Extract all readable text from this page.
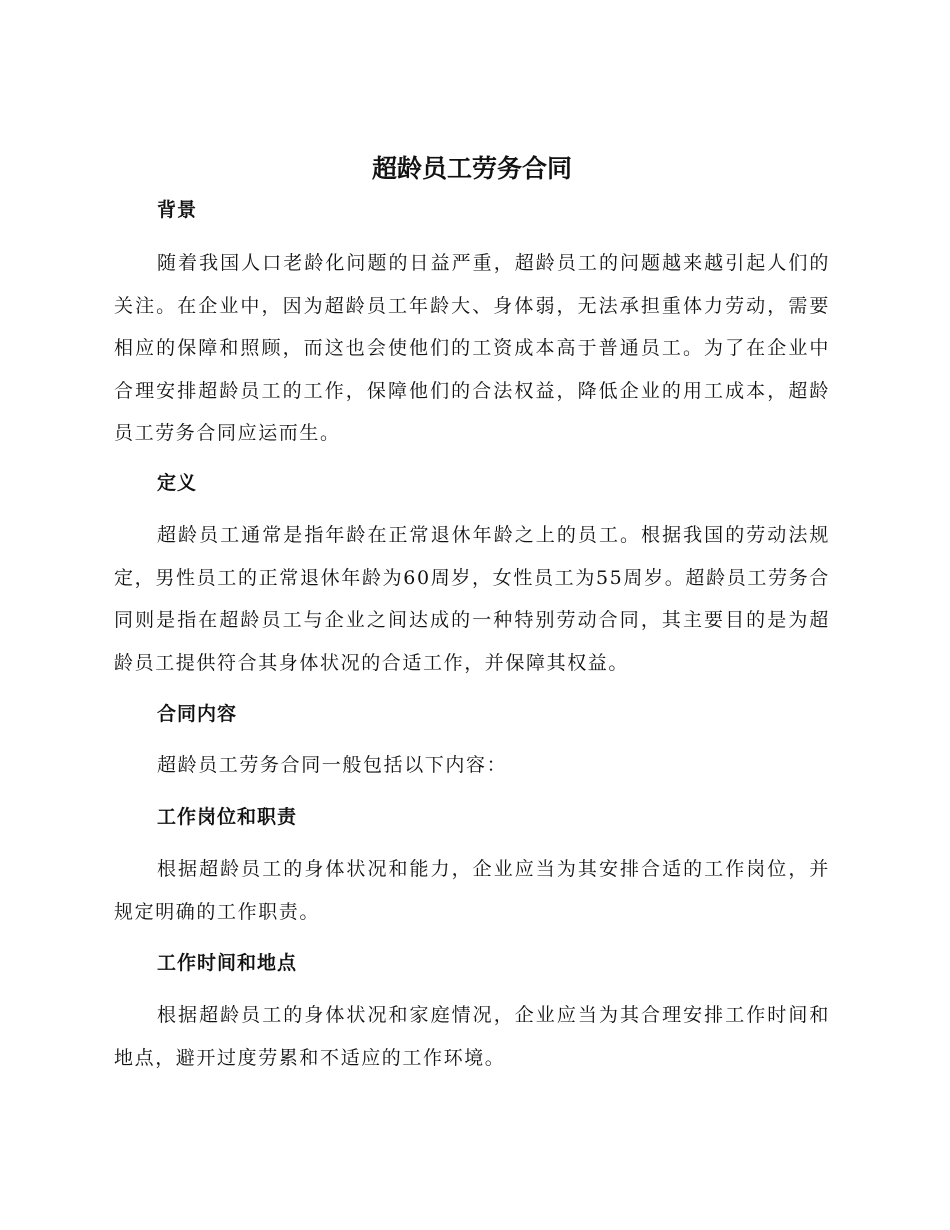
超龄员工劳务合同
背景

随着我国人口老龄化问题的日益严重，超龄员工的问题越来越引起人们的关注。在企业中，因为超龄员工年龄大、身体弱，无法承担重体力劳动，需要相应的保障和照顾，而这也会使他们的工资成本高于普通员工。为了在企业中合理安排超龄员工的工作，保障他们的合法权益，降低企业的用工成本，超龄员工劳务合同应运而生。

定义

超龄员工通常是指年龄在正常退休年龄之上的员工。根据我国的劳动法规定，男性员工的正常退休年龄为60周岁，女性员工为55周岁。超龄员工劳务合同则是指在超龄员工与企业之间达成的一种特别劳动合同，其主要目的是为超龄员工提供符合其身体状况的合适工作，并保障其权益。

合同内容

超龄员工劳务合同一般包括以下内容：

工作岗位和职责

根据超龄员工的身体状况和能力，企业应当为其安排合适的工作岗位，并规定明确的工作职责。

工作时间和地点

根据超龄员工的身体状况和家庭情况，企业应当为其合理安排工作时间和地点，避开过度劳累和不适应的工作环境。
